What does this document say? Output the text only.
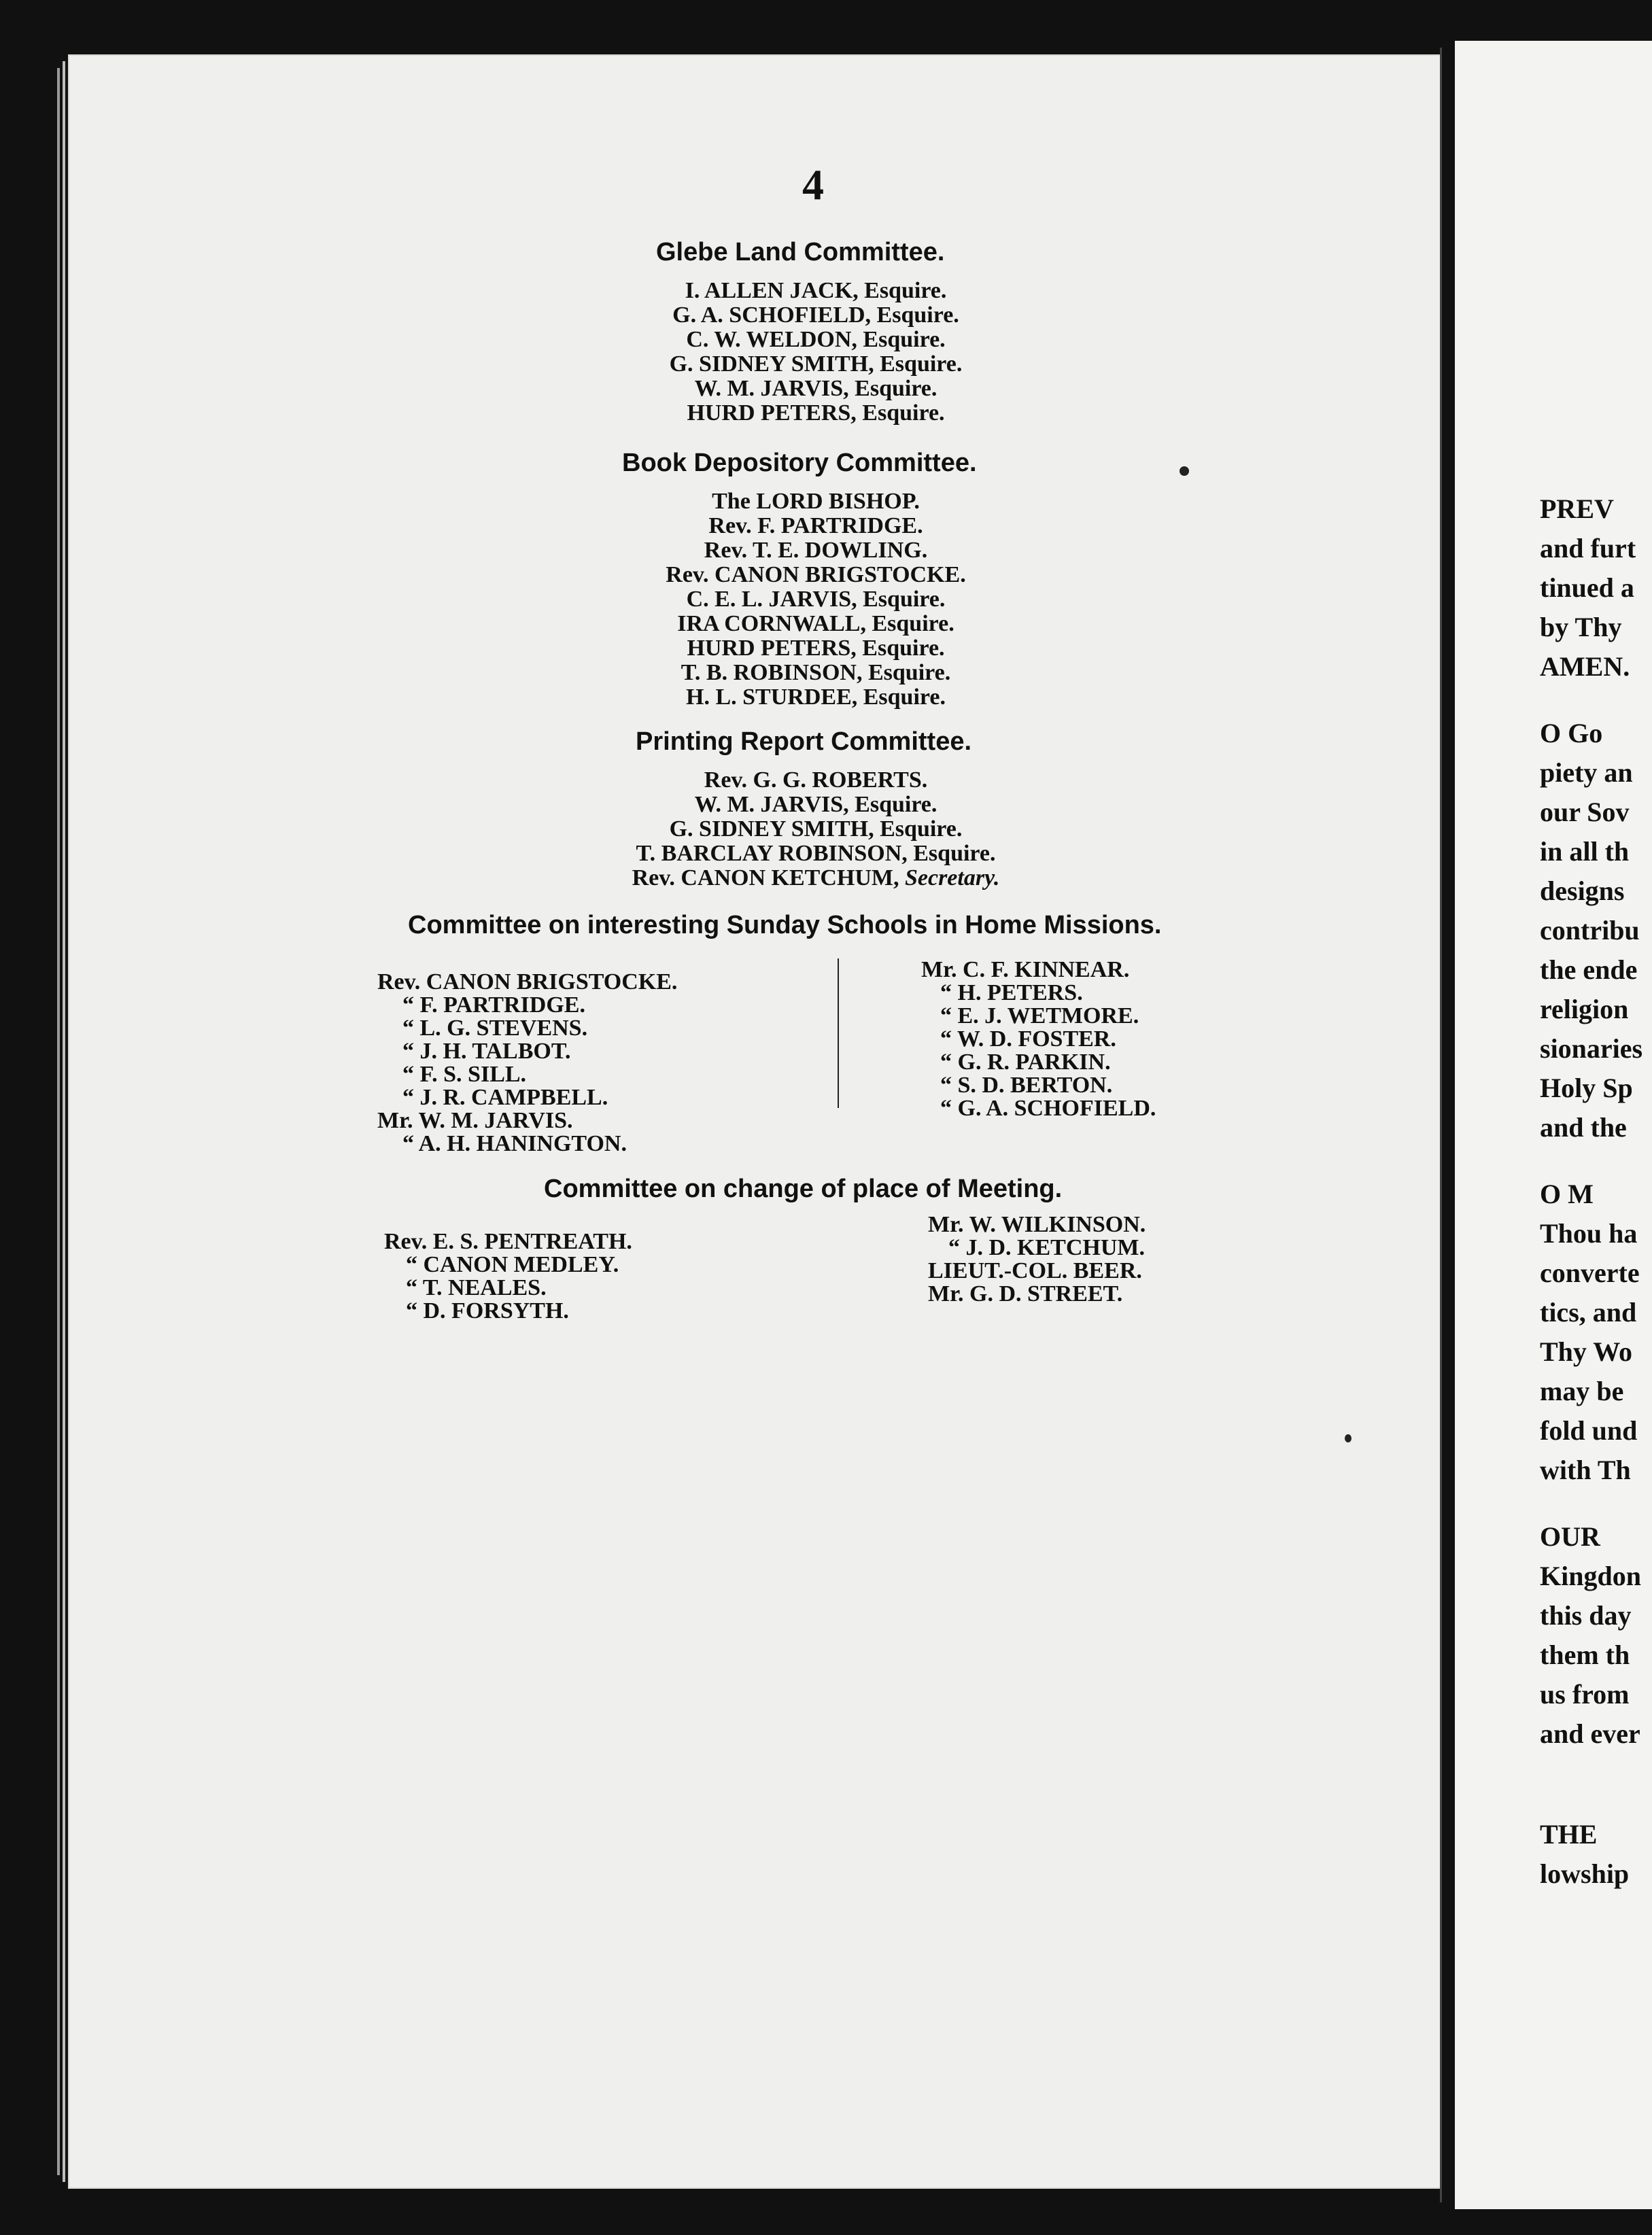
4
Glebe Land Committee.
I. ALLEN JACK, Esquire.
G. A. SCHOFIELD, Esquire.
C. W. WELDON, Esquire.
G. SIDNEY SMITH, Esquire.
W. M. JARVIS, Esquire.
HURD PETERS, Esquire.
Book Depository Committee.
The LORD BISHOP.
Rev. F. PARTRIDGE.
Rev. T. E. DOWLING.
Rev. CANON BRIGSTOCKE.
C. E. L. JARVIS, Esquire.
IRA CORNWALL, Esquire.
HURD PETERS, Esquire.
T. B. ROBINSON, Esquire.
H. L. STURDEE, Esquire.
Printing Report Committee.
Rev. G. G. ROBERTS.
W. M. JARVIS, Esquire.
G. SIDNEY SMITH, Esquire.
T. BARCLAY ROBINSON, Esquire.
Rev. CANON KETCHUM, Secretary.
Committee on interesting Sunday Schools in Home Missions.
Rev. CANON BRIGSTOCKE.
“ F. PARTRIDGE.
“ L. G. STEVENS.
“ J. H. TALBOT.
“ F. S. SILL.
“ J. R. CAMPBELL.
Mr. W. M. JARVIS.
“ A. H. HANINGTON.
Mr. C. F. KINNEAR.
“ H. PETERS.
“ E. J. WETMORE.
“ W. D. FOSTER.
“ G. R. PARKIN.
“ S. D. BERTON.
“ G. A. SCHOFIELD.
Committee on change of place of Meeting.
Rev. E. S. PENTREATH.
“ CANON MEDLEY.
“ T. NEALES.
“ D. FORSYTH.
Mr. W. WILKINSON.
“ J. D. KETCHUM.
LIEUT.-COL. BEER.
Mr. G. D. STREET.
PREV
and furt
tinued a
by Thy
AMEN.
O Go
piety an
our Sov
in all th
designs
contribu
the ende
religion
sionaries
Holy Sp
and the
O M
Thou ha
converte
tics, and
Thy Wo
may be
fold und
with Th
OUR
Kingdon
this day
them th
us from
and ever
THE
lowship
